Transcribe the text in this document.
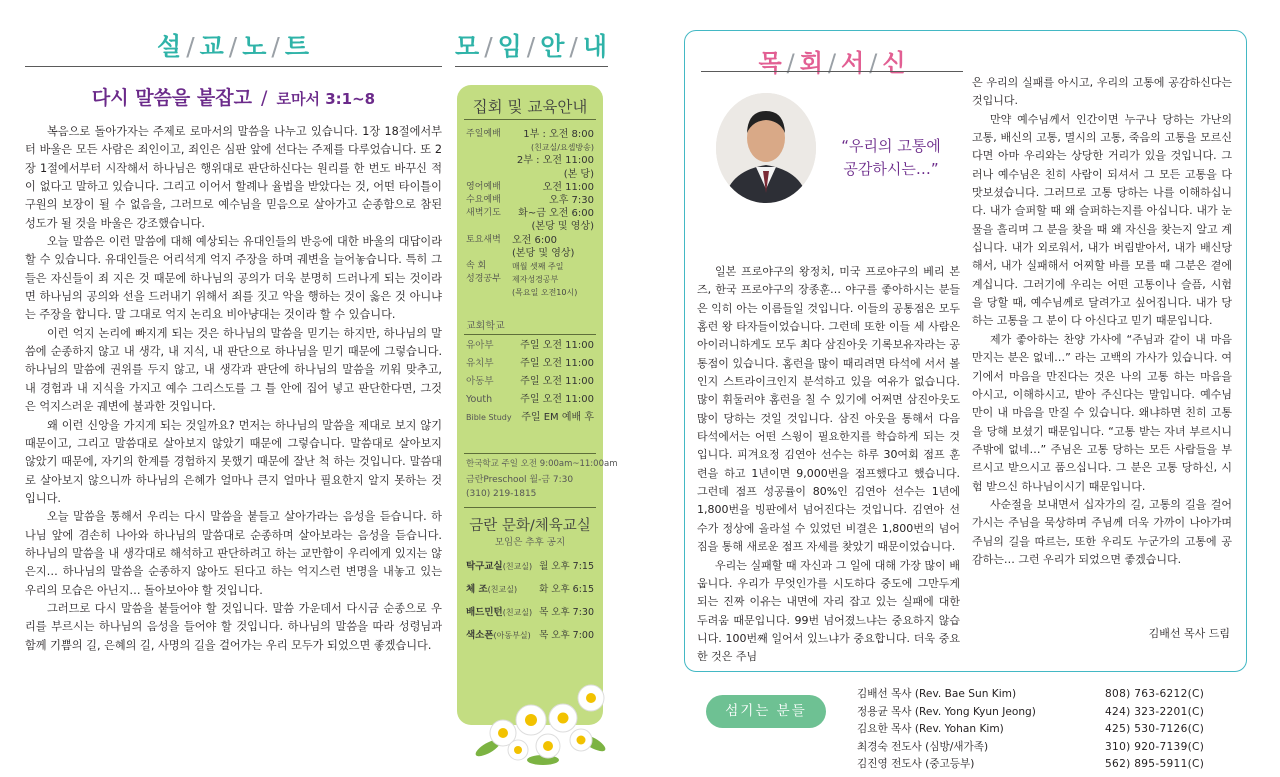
설 / 교 / 노 / 트
다시 말씀을 붙잡고 / 로마서 3:1~8

복음으로 돌아가자는 주제로 로마서의 말씀을 나누고 있습니다. 1장 18절에서부터 바울은 모든 사람은 죄인이고, 죄인은 심판 앞에 선다는 주제를 다루었습니다. 또 2장 1절에서부터 시작해서 하나님은 행위대로 판단하신다는 원리를 한 번도 바꾸신 적이 없다고 말하고 있습니다. 그리고 이어서 할례나 율법을 받았다는 것, 어떤 타이틀이 구원의 보장이 될 수 없음을, 그러므로 예수님을 믿음으로 살아가고 순종함으로 참된 성도가 될 것을 바울은 강조했습니다.

오늘 말씀은 이런 말씀에 대해 예상되는 유대인들의 반응에 대한 바울의 대답이라 할 수 있습니다. 유대인들은 어리석게 억지 주장을 하며 궤변을 늘어놓습니다. 특히 그들은 자신들이 죄 지은 것 때문에 하나님의 공의가 더욱 분명히 드러나게 되는 것이라면 하나님의 공의와 선을 드러내기 위해서 죄를 짓고 악을 행하는 것이 옳은 것 아니냐는 주장을 합니다. 말 그대로 억지 논리요 비아냥대는 것이라 할 수 있습니다.

이런 억지 논리에 빠지게 되는 것은 하나님의 말씀을 믿기는 하지만, 하나님의 말씀에 순종하지 않고 내 생각, 내 지식, 내 판단으로 하나님을 믿기 때문에 그렇습니다. 하나님의 말씀에 권위를 두지 않고, 내 생각과 판단에 하나님의 말씀을 끼워 맞추고, 내 경험과 내 지식을 가지고 예수 그리스도를 그 틀 안에 집어 넣고 판단한다면, 그것은 억지스러운 궤변에 불과한 것입니다.

왜 이런 신앙을 가지게 되는 것일까요? 먼저는 하나님의 말씀을 제대로 보지 않기 때문이고, 그리고 말씀대로 살아보지 않았기 때문에 그렇습니다. 말씀대로 살아보지 않았기 때문에, 자기의 한계를 경험하지 못했기 때문에 잘난 척 하는 것입니다. 말씀대로 살아보지 않으니까 하나님의 은혜가 얼마나 큰지 얼마나 필요한지 알지 못하는 것입니다.

오늘 말씀을 통해서 우리는 다시 말씀을 붙들고 살아가라는 음성을 듣습니다. 하나님 앞에 겸손히 나아와 하나님의 말씀대로 순종하며 살아보라는 음성을 듣습니다. 하나님의 말씀을 내 생각대로 해석하고 판단하려고 하는 교만함이 우리에게 있지는 않은지… 하나님의 말씀을 순종하지 않아도 된다고 하는 억지스런 변명을 내놓고 있는 우리의 모습은 아닌지… 돌아보아야 할 것입니다.

그러므로 다시 말씀을 붙들어야 할 것입니다. 말씀 가운데서 다시금 순종으로 우리를 부르시는 하나님의 음성을 들어야 할 것입니다. 하나님의 말씀을 따라 성령님과 함께 기쁨의 길, 은혜의 길, 사명의 길을 걸어가는 우리 모두가 되었으면 좋겠습니다.

모 / 임 / 안 / 내
집회 및 교육안내
주일예배	1부 : 오전 8:00
(친교실/요셉방송)
2부 : 오전 11:00
(본 당)
영어예배	오전 11:00
수요예배	오후 7:30
새벽기도	화~금 오전 6:00
(본당 및 영상)
토요새벽	오전 6:00
(본당 및 영상)
속 회	매월 셋째 주일
성경공부	제자성경공부
(목요일 오전10시)
교회학교
유아부	주일 오전 11:00
유치부	주일 오전 11:00
아동부	주일 오전 11:00
Youth	주일 오전 11:00
Bible Study 주일 EM 예배 후
한국학교 주일 오전 9:00am~11:00am
금란Preschool 월-금 7:30
(310) 219-1815
금란 문화/체육교실
모임은 추후 공지
탁구교실(친교실) 월 오후 7:15
체 조(친교실)	화 오후 6:15
배드민턴(친교실) 목 오후 7:30
색소폰(아동부실) 목 오후 7:00
목 / 회 / 서 / 신
“우리의 고통에
공감하시는…”

일본 프로야구의 왕정치, 미국 프로야구의 베리 본즈, 한국 프로야구의 장종훈… 야구를 좋아하시는 분들은 익히 아는 이름들일 것입니다. 이들의 공통점은 모두 홈런 왕 타자들이었습니다. 그런데 또한 이들 세 사람은 아이러니하게도 모두 최다 삼진아웃 기록보유자라는 공통점이 있습니다. 홈런을 많이 때리려면 타석에 서서 볼인지 스트라이크인지 분석하고 있을 여유가 없습니다. 많이 휘둘러야 홈런을 칠 수 있기에 어쩌면 삼진아웃도 많이 당하는 것일 것입니다. 삼진 아웃을 통해서 다음 타석에서는 어떤 스윙이 필요한지를 학습하게 되는 것입니다. 피겨요정 김연아 선수는 하루 30여회 점프 훈련을 하고 1년이면 9,000번을 점프했다고 했습니다. 그런데 점프 성공률이 80%인 김연아 선수는 1년에 1,800번을 빙판에서 넘어진다는 것입니다. 김연아 선수가 정상에 올라설 수 있었던 비결은 1,800번의 넘어짐을 통해 새로운 점프 자세를 찾았기 때문이었습니다.

우리는 실패할 때 자신과 그 일에 대해 가장 많이 배웁니다. 우리가 무엇인가를 시도하다 중도에 그만두게 되는 진짜 이유는 내면에 자리 잡고 있는 실패에 대한 두려움 때문입니다. 99번 넘어졌느냐는 중요하지 않습니다. 100번째 일어서 있느냐가 중요합니다. 더욱 중요한 것은 주님

은 우리의 실패를 아시고, 우리의 고통에 공감하신다는 것입니다.

만약 예수님께서 인간이면 누구나 당하는 가난의 고통, 배신의 고통, 멸시의 고통, 죽음의 고통을 모르신다면 아마 우리와는 상당한 거리가 있을 것입니다. 그러나 예수님은 친히 사람이 되셔서 그 모든 고통을 다 맛보셨습니다. 그러므로 고통 당하는 나를 이해하십니다. 내가 슬퍼할 때 왜 슬퍼하는지를 아십니다. 내가 눈물을 흘리며 그 분을 찾을 때 왜 자신을 찾는지 알고 계십니다. 내가 외로워서, 내가 버림받아서, 내가 배신당해서, 내가 실패해서 어찌할 바를 모를 때 그분은 곁에 계십니다. 그러기에 우리는 어떤 고통이나 슬픔, 시험을 당할 때, 예수님께로 달려가고 싶어집니다. 내가 당하는 고통을 그 분이 다 아신다고 믿기 때문입니다.

제가 좋아하는 찬양 가사에 “주님과 같이 내 마음 만지는 분은 없네…” 라는 고백의 가사가 있습니다. 여기에서 마음을 만진다는 것은 나의 고통 하는 마음을 아시고, 이해하시고, 받아 주신다는 말입니다. 예수님만이 내 마음을 만질 수 있습니다. 왜냐하면 친히 고통을 당해 보셨기 때문입니다. “고통 받는 자녀 부르시니 주밖에 없네…” 주님은 고통 당하는 모든 사람들을 부르시고 받으시고 품으십니다. 그 분은 고통 당하신, 시험 받으신 하나님이시기 때문입니다.

사순절을 보내면서 십자가의 길, 고통의 길을 걸어가시는 주님을 묵상하며 주님께 더욱 가까이 나아가며 주님의 길을 따르는, 또한 우리도 누군가의 고통에 공감하는… 그런 우리가 되었으면 좋겠습니다.

김배선 목사 드림
섬기는 분들
김배선 목사 (Rev. Bae Sun Kim)	808) 763-6212(C)
정용균 목사 (Rev. Yong Kyun Jeong)	424) 323-2201(C)
김요한 목사 (Rev. Yohan Kim)	425) 530-7126(C)
최경숙 전도사 (심방/새가족)	310) 920-7139(C)
김진영 전도사 (중고등부)	562) 895-5911(C)
